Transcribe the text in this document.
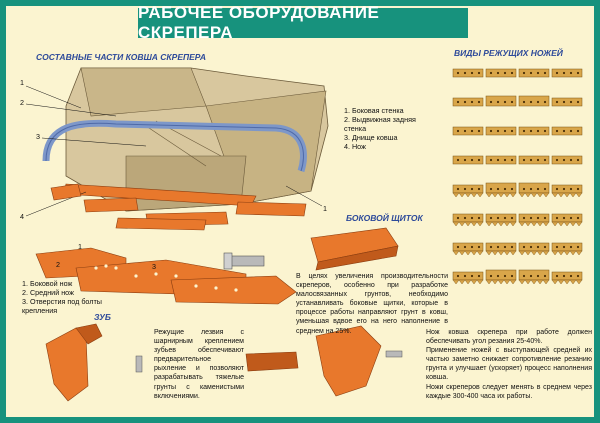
РАБОЧЕЕ ОБОРУДОВАНИЕ СКРЕПЕРА
СОСТАВНЫЕ ЧАСТИ КОВША СКРЕПЕРА	ВИДЫ РЕЖУЩИХ НОЖЕЙ
БОКОВОЙ ЩИТОК
ЗУБ
1
2
3
4
1
1. Боковая стенка
2. Выдвижная задняя стенка
3. Днище ковша
4. Нож
1
2	3
1. Боковой нож
2. Средний нож
3. Отверстия под болты крепления
В целях увеличения производительности скреперов, особенно при разработке малосвязанных грунтов, необходимо устанавливать боковые щитки, которые в процессе работы направляют грунт в ковш, уменьшая вдвое его на него наполнение в среднем на 25%.
Режущие лезвия с шарнирным креплением зубьев обеспечивают предварительное рыхление и позволяют разрабатывать тяжелые грунты с каменистыми включениями.
Нож ковша скрепера при работе должен обеспечивать угол резания 25-40%.
Применение ножей с выступающей средней их частью заметно снижает сопротивление резанию грунта и улучшает (ускоряет) процесс наполнения ковша.
Ножи скреперов следует менять в среднем через каждые 300-400 часа их работы.
